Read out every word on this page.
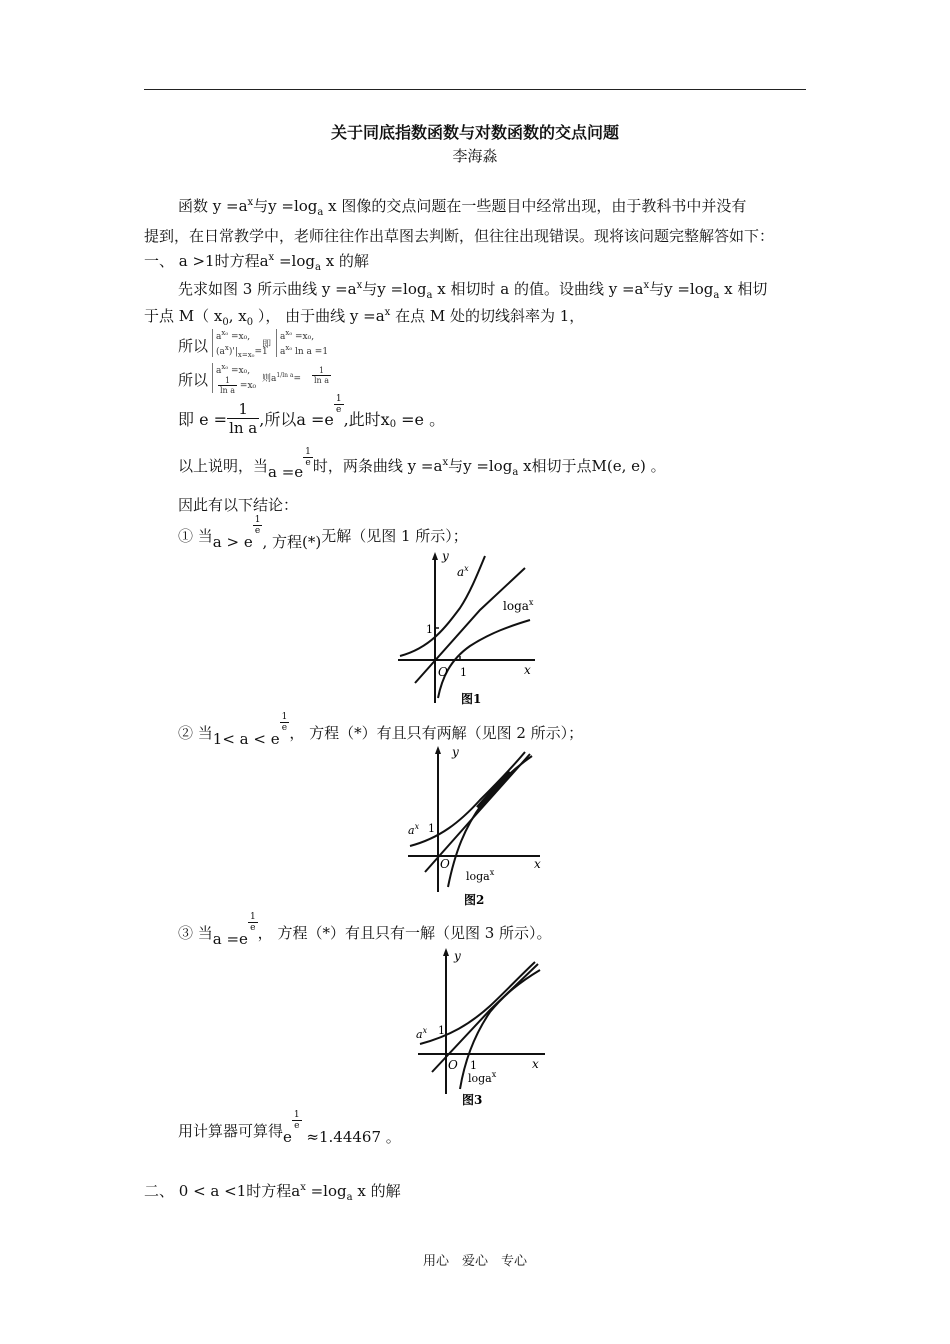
关于同底指数函数与对数函数的交点问题
李海淼
函数 $y =a^x$与$y =\log_a$ x 图像的交点问题在一些题目中经常出现，由于教科书中并没有
提到，在日常教学中，老师往往作出草图去判断，但往往出现错误。现将该问题完整解答如下：
一、 a >1时方程$a^x =\log_a$ x 的解
先求如图 3 所示曲线 $y =a^x$与$y =\log_a$ x 相切时 a 的值。设曲线 $y =a^x$与$y =\log_a$ x 相切
于点 M（ $x_0$, $x_0$ ）， 由于曲线 $y =a^x$ 在点 M 处的切线斜率为 1，
所以 $a^{x_0} =x_0$,
$(a^x)'|_{x=x_0}=1$
即
$a^{x_0} =x_0$,
$a^{x_0}$ ln a =1
所以 $a^{x_0} =x_0$,
$\frac{1}{\text{ln a}} =x_0$
则$a^{1/ln a}= \frac{1}{\text{ln a}}$
即 $e = \frac{1}{\text{ln a}}$ ,所以a =e
$\frac{1}{e}$
,此时$x_0 =e$ 。
以上说明，当a =e
$\frac{1}{e}$ 时，两条曲线 $y =a^x$与$y =\log_a$ x相切于点M(e, e) 。
因此有以下结论：
① 当a > e
$\frac{1}{e}$
, 方程(*)无解（见图 1 所示）；
y
x
O
1
1
$a^x$
loga$^x$
图1
② 当1< a < e
$\frac{1}{e}$ ， 方程（*）有且只有两解（见图 2 所示）；
y
x
O
1
$a^x$
loga$^x$
图2
③ 当a =e
$\frac{1}{e}$ ， 方程（*）有且只有一解（见图 3 所示）。
y
x
O
1
1
$a^x$
loga$^x$
图3
用计算器可算得e
$\frac{1}{e}$
≈1.44467 。
二、 0 < a <1时方程$a^x =\log_a$ x 的解
用心　爱心　专心
